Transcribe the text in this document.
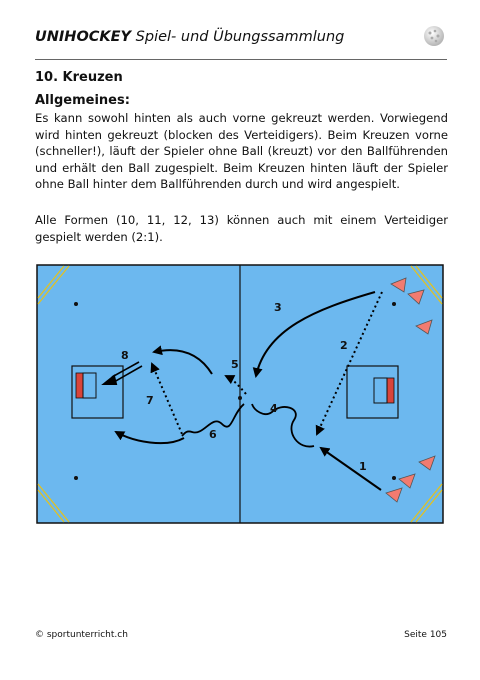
UNIHOCKEY Spiel- und Übungssammlung
10. Kreuzen
Allgemeines:
Es kann sowohl hinten als auch vorne gekreuzt werden. Vorwiegend wird hinten gekreuzt (blocken des Verteidigers). Beim Kreuzen vorne (schneller!), läuft der Spieler ohne Ball (kreuzt) vor den Ballführenden und erhält den Ball zugespielt. Beim Kreuzen hinten läuft der Spieler ohne Ball hinter dem Ballführenden durch und wird angespielt.
Alle Formen (10, 11, 12, 13) können auch mit einem Verteidiger gespielt werden (2:1).
1
2
3
4
5
6
7
8
© sportunterricht.ch	Seite 105
